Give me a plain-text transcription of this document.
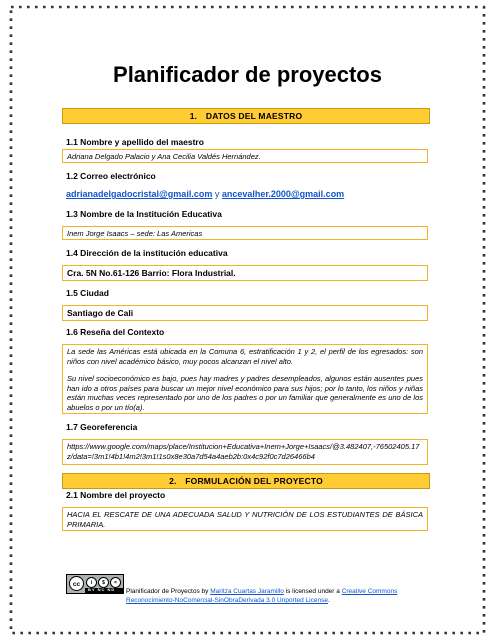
Planificador de proyectos
1. DATOS DEL MAESTRO
1.1 Nombre y apellido del maestro
Adriana Delgado Palacio y Ana Cecilia Valdés Hernández.
1.2 Correo electrónico
adrianadelgadocristal@gmail.com y ancevalher.2000@gmail.com
1.3 Nombre de la Institución Educativa
Inem Jorge Isaacs – sede: Las Americas
1.4 Dirección de la institución educativa
Cra. 5N No.61-126 Barrio: Flora Industrial.
1.5 Ciudad
Santiago de Cali
1.6 Reseña del Contexto
La sede las Américas está ubicada en la Comuna 6, estratificación 1 y 2, el perfil de los egresados: son niños con nivel académico básico, muy pocos alcanzan el nivel alto.
Su nivel socioeconómico es bajo, pues hay madres y padres desempleados, algunos están ausentes pues han ido a otros países para buscar un mejor nivel económico para sus hijos; por lo tanto, los niños y niñas están muchas veces representado por uno de los padres o por un familiar que generalmente es uno de los abuelos o por un tío(a).
1.7 Georeferencia
https://www.google.com/maps/place/Institucion+Educativa+Inem+Jorge+Isaacs/@3.482407,-76502405.17z/data=!3m1!4b1!4m2!3m1!1s0x8e30a7d54a4aeb2b:0x4c92f0c7d26466b4
2. FORMULACIÓN DEL PROYECTO
2.1 Nombre del proyecto
HACIA EL RESCATE DE UNA ADECUADA SALUD Y NUTRICIÓN DE LOS ESTUDIANTES DE BÁSICA PRIMARIA.
cc	i	$	=
BY NC ND	Planificador de Proyectos by Maritza Cuartas Jaramillo is licensed under a Creative Commons Reconocimiento-NoComercial-SinObraDerivada 3.0 Unported License.
